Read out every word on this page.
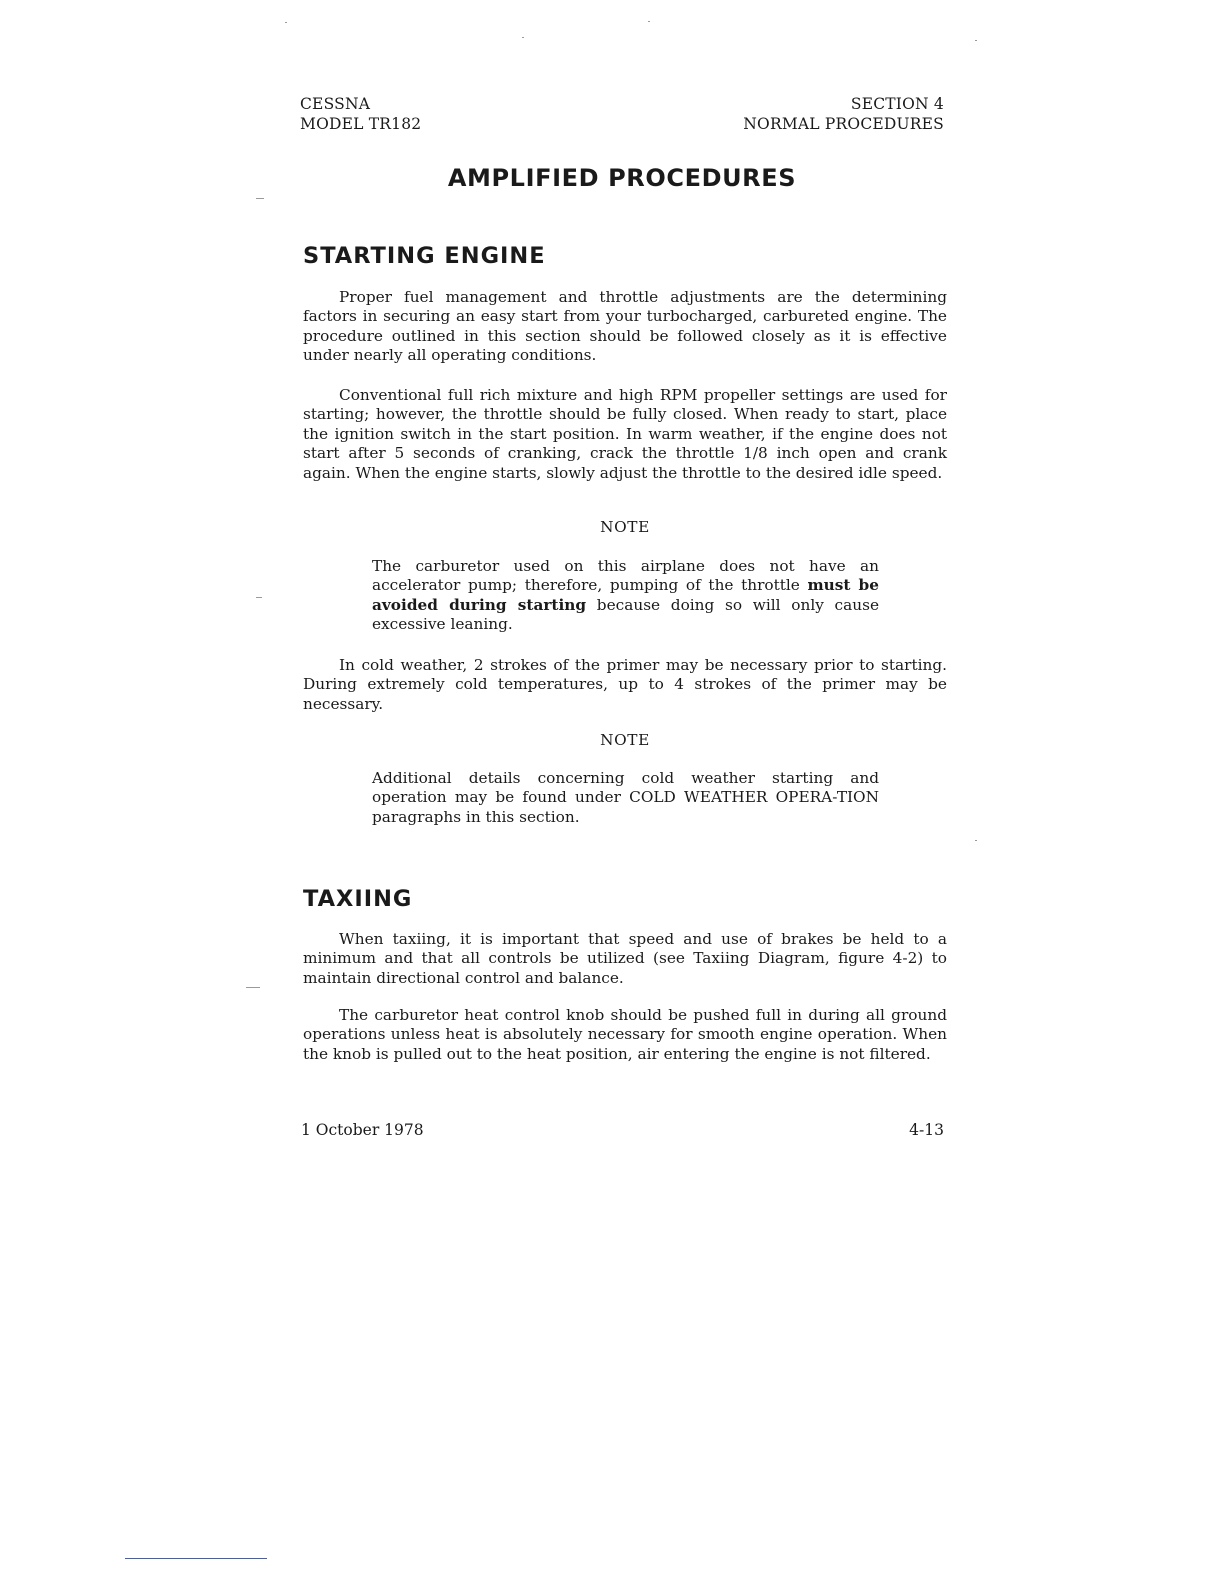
CESSNA
MODEL TR182
SECTION 4
NORMAL PROCEDURES
AMPLIFIED PROCEDURES
STARTING ENGINE
Proper fuel management and throttle adjustments are the determining factors in securing an easy start from your turbocharged, carbureted engine. The procedure outlined in this section should be followed closely as it is effective under nearly all operating conditions.
Conventional full rich mixture and high RPM propeller settings are used for starting; however, the throttle should be fully closed. When ready to start, place the ignition switch in the start position. In warm weather, if the engine does not start after 5 seconds of cranking, crack the throttle 1/8 inch open and crank again. When the engine starts, slowly adjust the throttle to the desired idle speed.
NOTE
The carburetor used on this airplane does not have an accelerator pump; therefore, pumping of the throttle must be avoided during starting because doing so will only cause excessive leaning.
In cold weather, 2 strokes of the primer may be necessary prior to starting. During extremely cold temperatures, up to 4 strokes of the primer may be necessary.
NOTE
Additional details concerning cold weather starting and operation may be found under COLD WEATHER OPERA-TION paragraphs in this section.
TAXIING
When taxiing, it is important that speed and use of brakes be held to a minimum and that all controls be utilized (see Taxiing Diagram, figure 4-2) to maintain directional control and balance.
The carburetor heat control knob should be pushed full in during all ground operations unless heat is absolutely necessary for smooth engine operation. When the knob is pulled out to the heat position, air entering the engine is not filtered.
1 October 1978	4-13
